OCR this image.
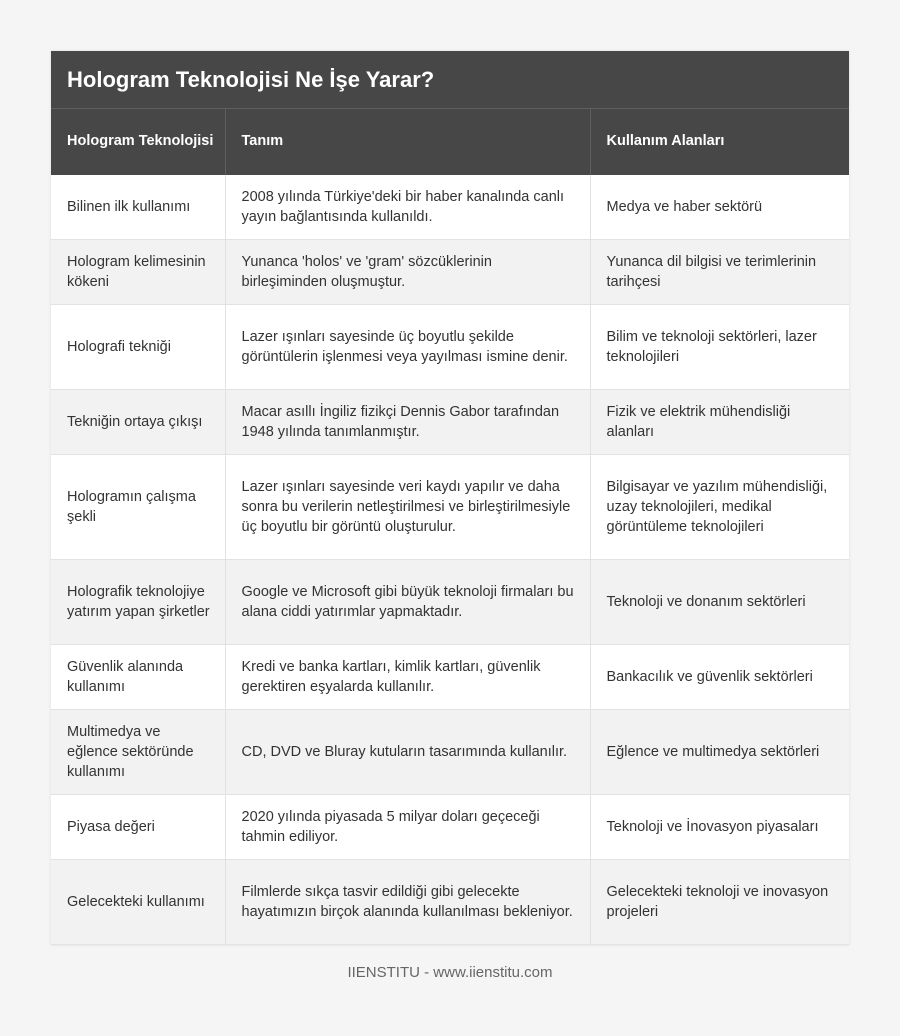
Hologram Teknolojisi Ne İşe Yarar?
Hologram Teknolojisi	Tanım	Kullanım Alanları
Bilinen ilk kullanımı	2008 yılında Türkiye'deki bir haber kanalında canlı yayın bağlantısında kullanıldı.	Medya ve haber sektörü
Hologram kelimesinin kökeni	Yunanca 'holos' ve 'gram' sözcüklerinin birleşiminden oluşmuştur.	Yunanca dil bilgisi ve terimlerinin tarihçesi
Holografi tekniği	Lazer ışınları sayesinde üç boyutlu şekilde görüntülerin işlenmesi veya yayılması ismine denir.	Bilim ve teknoloji sektörleri, lazer teknolojileri
Tekniğin ortaya çıkışı	Macar asıllı İngiliz fizikçi Dennis Gabor tarafından 1948 yılında tanımlanmıştır.	Fizik ve elektrik mühendisliği alanları
Hologramın çalışma şekli	Lazer ışınları sayesinde veri kaydı yapılır ve daha sonra bu verilerin netleştirilmesi ve birleştirilmesiyle üç boyutlu bir görüntü oluşturulur.	Bilgisayar ve yazılım mühendisliği, uzay teknolojileri, medikal görüntüleme teknolojileri
Holografik teknolojiye yatırım yapan şirketler	Google ve Microsoft gibi büyük teknoloji firmaları bu alana ciddi yatırımlar yapmaktadır.	Teknoloji ve donanım sektörleri
Güvenlik alanında kullanımı	Kredi ve banka kartları, kimlik kartları, güvenlik gerektiren eşyalarda kullanılır.	Bankacılık ve güvenlik sektörleri
Multimedya ve eğlence sektöründe kullanımı	CD, DVD ve Bluray kutuların tasarımında kullanılır.	Eğlence ve multimedya sektörleri
Piyasa değeri	2020 yılında piyasada 5 milyar doları geçeceği tahmin ediliyor.	Teknoloji ve İnovasyon piyasaları
Gelecekteki kullanımı	Filmlerde sıkça tasvir edildiği gibi gelecekte hayatımızın birçok alanında kullanılması bekleniyor.	Gelecekteki teknoloji ve inovasyon projeleri
IIENSTITU - www.iienstitu.com
